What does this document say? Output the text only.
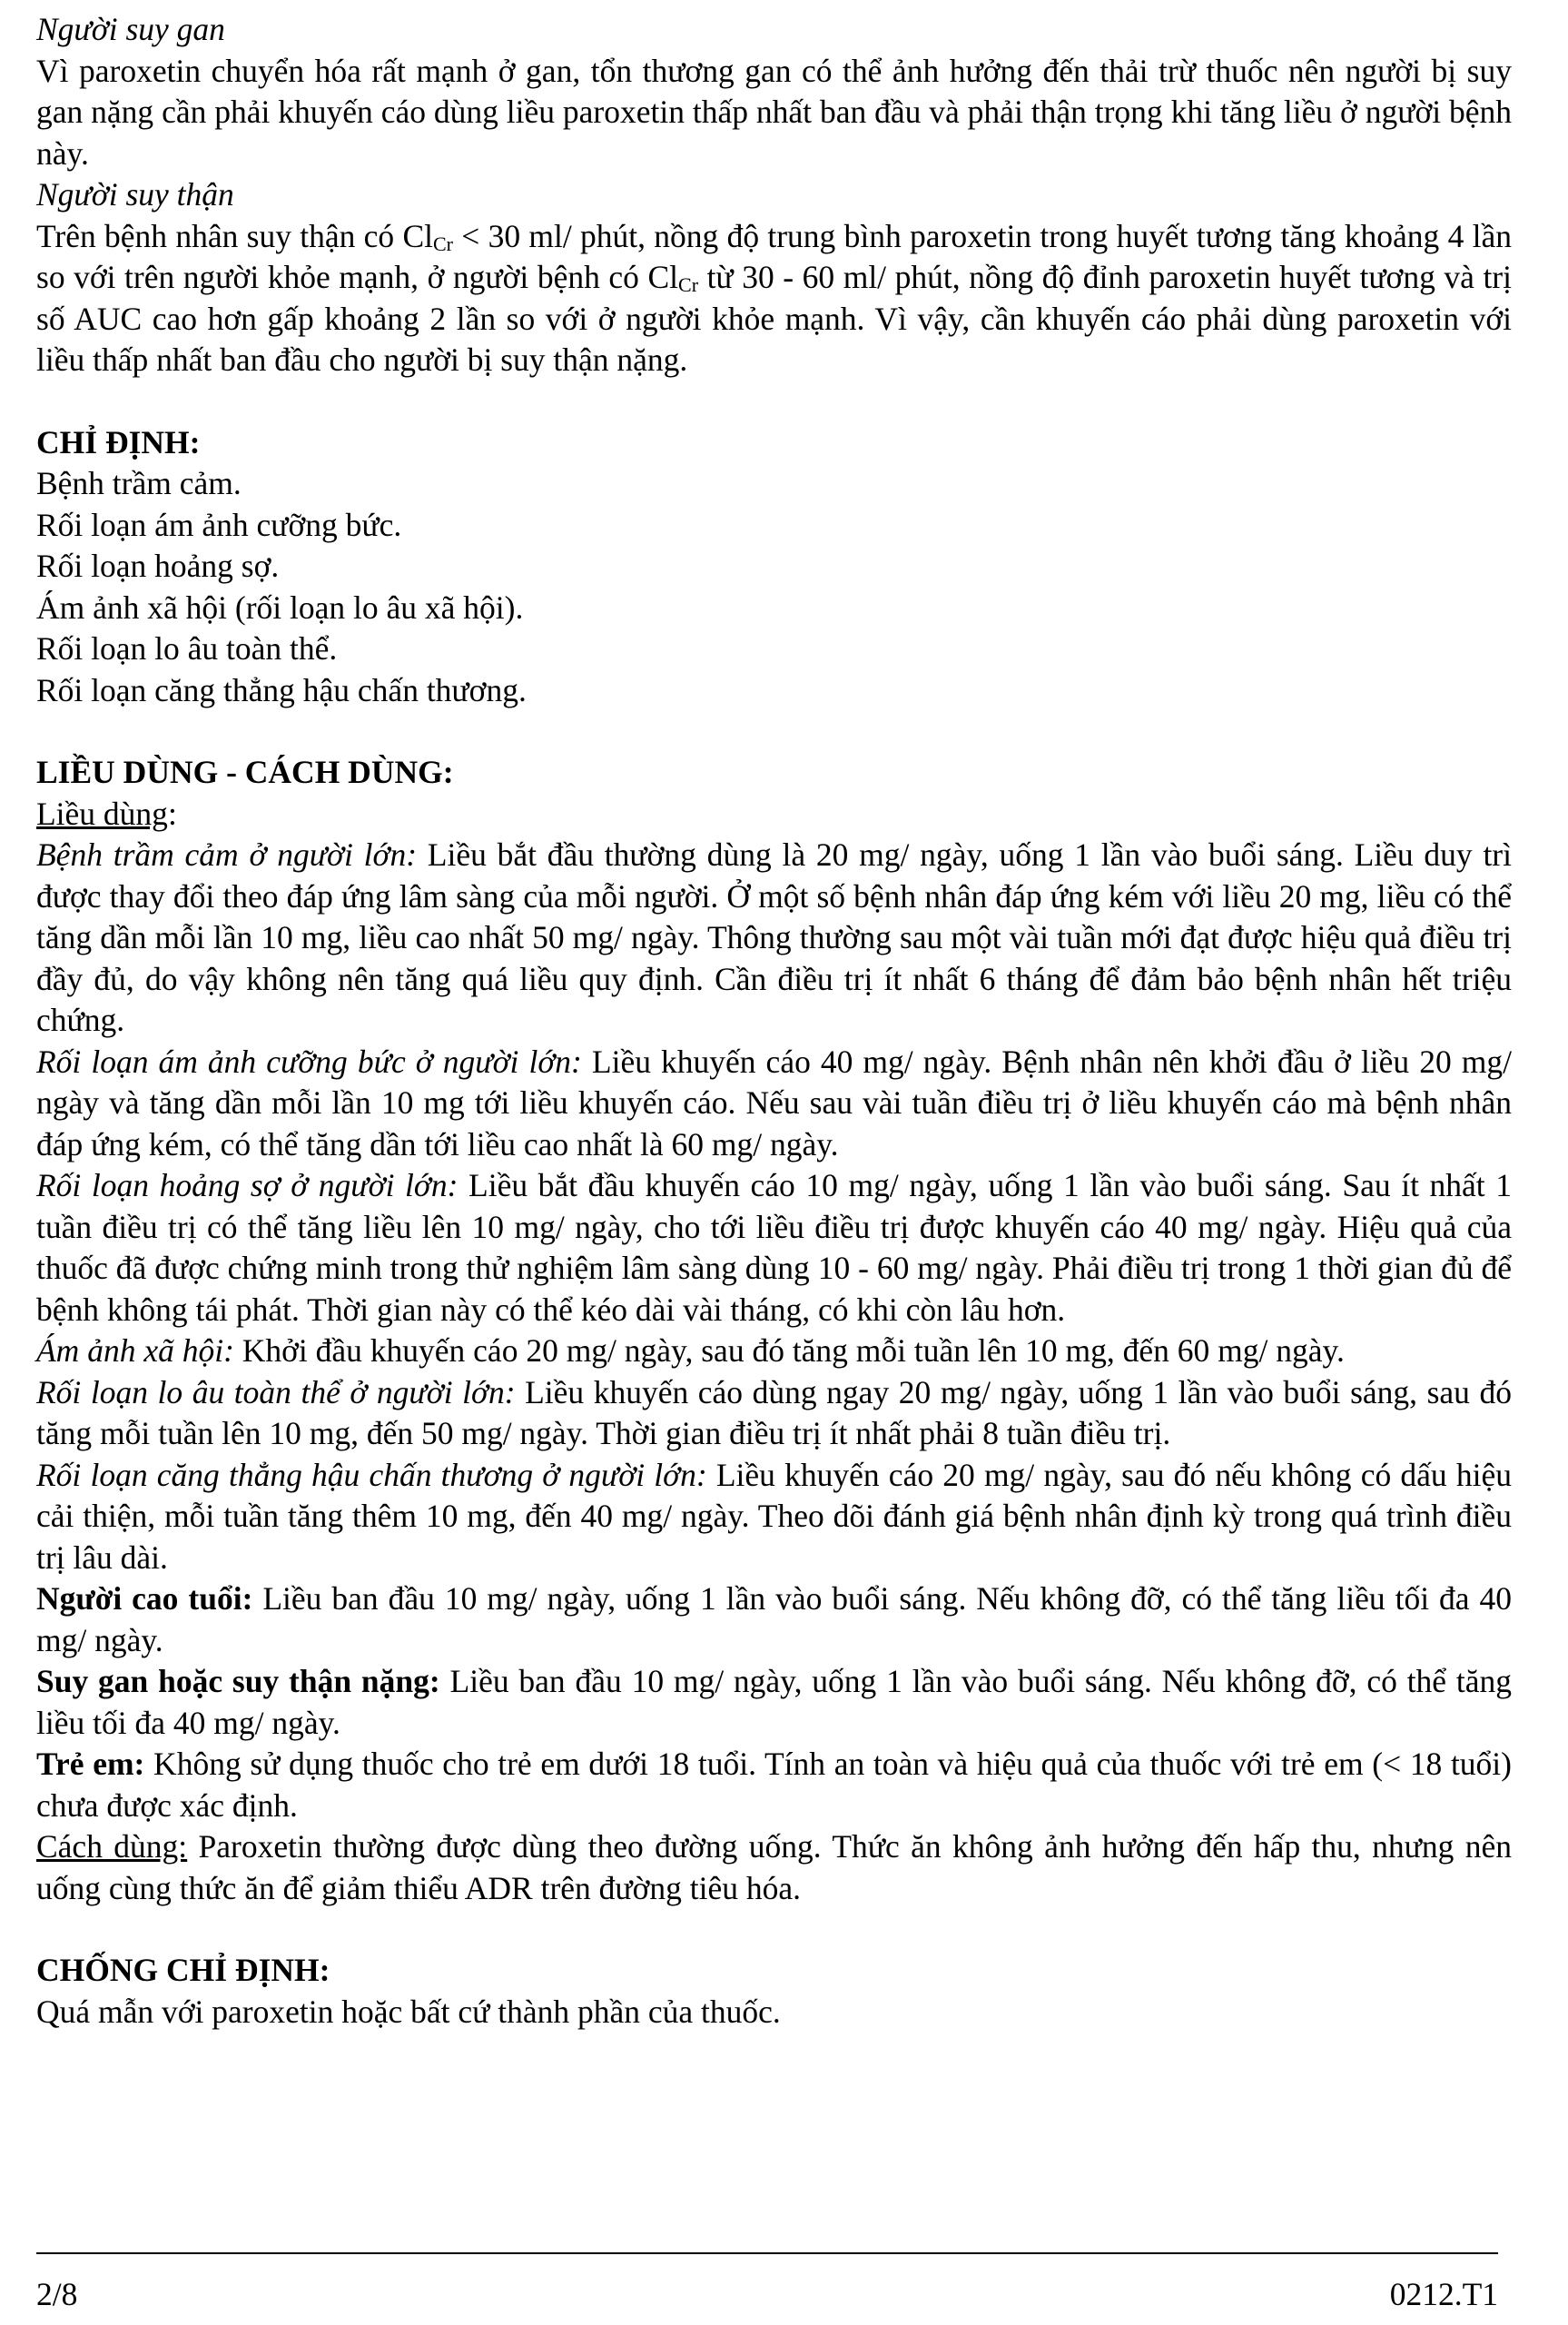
Người suy gan

Vì paroxetin chuyển hóa rất mạnh ở gan, tổn thương gan có thể ảnh hưởng đến thải trừ thuốc nên người bị suy gan nặng cần phải khuyến cáo dùng liều paroxetin thấp nhất ban đầu và phải thận trọng khi tăng liều ở người bệnh này.

Người suy thận

Trên bệnh nhân suy thận có $Cl_{Cr} < 30$ ml/ phút, nồng độ trung bình paroxetin trong huyết tương tăng khoảng 4 lần so với trên người khỏe mạnh, ở người bệnh có $Cl_{Cr}$ từ 30 - 60 ml/ phút, nồng độ đỉnh paroxetin huyết tương và trị số AUC cao hơn gấp khoảng 2 lần so với ở người khỏe mạnh. Vì vậy, cần khuyến cáo phải dùng paroxetin với liều thấp nhất ban đầu cho người bị suy thận nặng.

CHỈ ĐỊNH:

Bệnh trầm cảm.

Rối loạn ám ảnh cưỡng bức.

Rối loạn hoảng sợ.

Ám ảnh xã hội (rối loạn lo âu xã hội).

Rối loạn lo âu toàn thể.

Rối loạn căng thẳng hậu chấn thương.

LIỀU DÙNG - CÁCH DÙNG:

Liều dùng:

Bệnh trầm cảm ở người lớn: Liều bắt đầu thường dùng là 20 mg/ ngày, uống 1 lần vào buổi sáng. Liều duy trì được thay đổi theo đáp ứng lâm sàng của mỗi người. Ở một số bệnh nhân đáp ứng kém với liều 20 mg, liều có thể tăng dần mỗi lần 10 mg, liều cao nhất 50 mg/ ngày. Thông thường sau một vài tuần mới đạt được hiệu quả điều trị đầy đủ, do vậy không nên tăng quá liều quy định. Cần điều trị ít nhất 6 tháng để đảm bảo bệnh nhân hết triệu chứng.

Rối loạn ám ảnh cưỡng bức ở người lớn: Liều khuyến cáo 40 mg/ ngày. Bệnh nhân nên khởi đầu ở liều 20 mg/ ngày và tăng dần mỗi lần 10 mg tới liều khuyến cáo. Nếu sau vài tuần điều trị ở liều khuyến cáo mà bệnh nhân đáp ứng kém, có thể tăng dần tới liều cao nhất là 60 mg/ ngày.

Rối loạn hoảng sợ ở người lớn: Liều bắt đầu khuyến cáo 10 mg/ ngày, uống 1 lần vào buổi sáng. Sau ít nhất 1 tuần điều trị có thể tăng liều lên 10 mg/ ngày, cho tới liều điều trị được khuyến cáo 40 mg/ ngày. Hiệu quả của thuốc đã được chứng minh trong thử nghiệm lâm sàng dùng 10 - 60 mg/ ngày. Phải điều trị trong 1 thời gian đủ để bệnh không tái phát. Thời gian này có thể kéo dài vài tháng, có khi còn lâu hơn.

Ám ảnh xã hội: Khởi đầu khuyến cáo 20 mg/ ngày, sau đó tăng mỗi tuần lên 10 mg, đến 60 mg/ ngày.

Rối loạn lo âu toàn thể ở người lớn: Liều khuyến cáo dùng ngay 20 mg/ ngày, uống 1 lần vào buổi sáng, sau đó tăng mỗi tuần lên 10 mg, đến 50 mg/ ngày. Thời gian điều trị ít nhất phải 8 tuần điều trị.

Rối loạn căng thẳng hậu chấn thương ở người lớn: Liều khuyến cáo 20 mg/ ngày, sau đó nếu không có dấu hiệu cải thiện, mỗi tuần tăng thêm 10 mg, đến 40 mg/ ngày. Theo dõi đánh giá bệnh nhân định kỳ trong quá trình điều trị lâu dài.

Người cao tuổi: Liều ban đầu 10 mg/ ngày, uống 1 lần vào buổi sáng. Nếu không đỡ, có thể tăng liều tối đa 40 mg/ ngày.

Suy gan hoặc suy thận nặng: Liều ban đầu 10 mg/ ngày, uống 1 lần vào buổi sáng. Nếu không đỡ, có thể tăng liều tối đa 40 mg/ ngày.

Trẻ em: Không sử dụng thuốc cho trẻ em dưới 18 tuổi. Tính an toàn và hiệu quả của thuốc với trẻ em (< 18 tuổi) chưa được xác định.

Cách dùng: Paroxetin thường được dùng theo đường uống. Thức ăn không ảnh hưởng đến hấp thu, nhưng nên uống cùng thức ăn để giảm thiểu ADR trên đường tiêu hóa.

CHỐNG CHỈ ĐỊNH:

Quá mẫn với paroxetin hoặc bất cứ thành phần của thuốc.

2/8	0212.T1
